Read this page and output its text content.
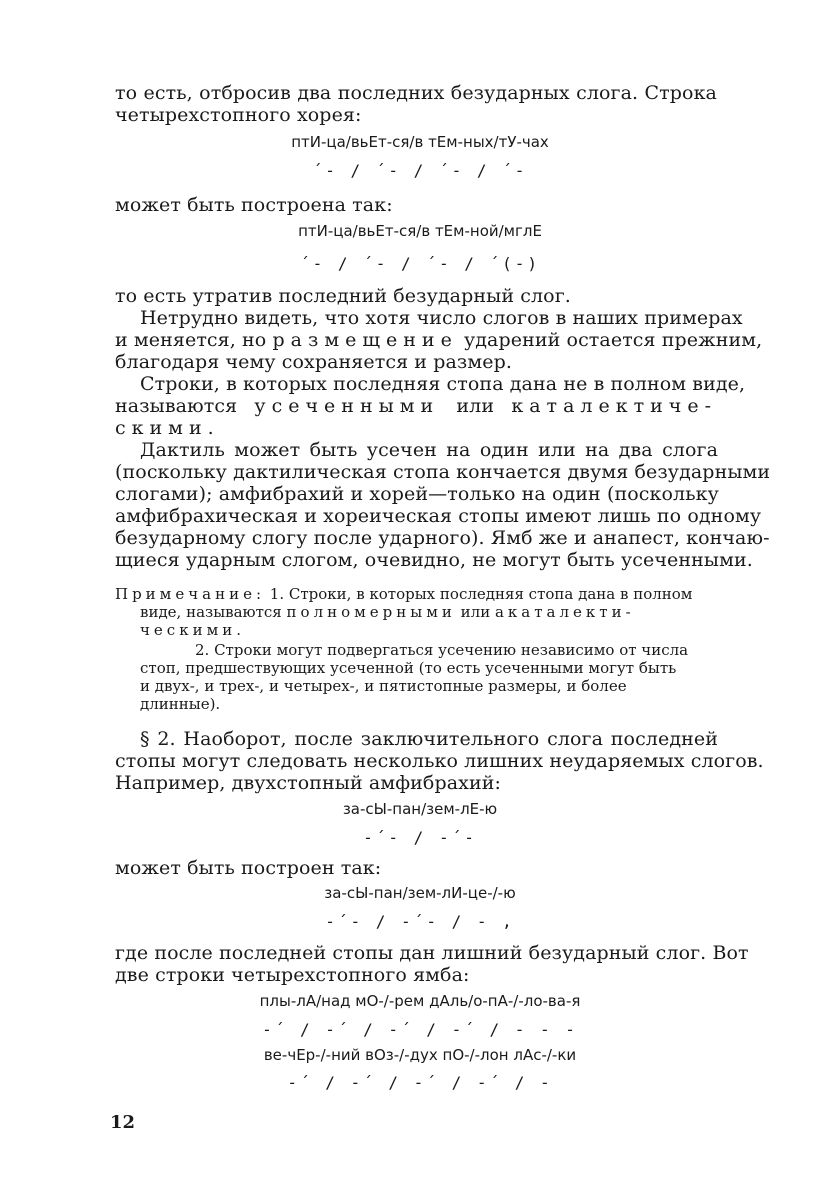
то есть, отбросив два последних безударных слога. Строка
четырехстопного хорея:
птИ-ца/вьЕт-ся/в тЕм-ных/тУ-чах
´- / ´- / ´- / ´-
может быть построена так:
птИ-ца/вьЕт-ся/в тЕм-ной/мглЕ
´- / ´- / ´- / ´(-)
то есть утратив последний безударный слог.
Нетрудно видеть, что хотя число слогов в наших примерах
и меняется, но размещение ударений остается прежним,
благодаря чему сохраняется и размер.
Строки, в которых последняя стопа дана не в полном виде,
называются усеченными или каталектиче-
скими.
Дактиль может быть усечен на один или на два слога
(поскольку дактилическая стопа кончается двумя безударными
слогами); амфибрахий и хорей—только на один (поскольку
амфибрахическая и хореическая стопы имеют лишь по одному
безударному слогу после ударного). Ямб же и анапест, кончаю-
щиеся ударным слогом, очевидно, не могут быть усеченными.
Примечание: 1. Строки, в которых последняя стопа дана в полном
виде, называются полномерными или акаталекти-
ческими.
2. Строки могут подвергаться усечению независимо от числа
стоп, предшествующих усеченной (то есть усеченными могут быть
и двух-, и трех-, и четырех-, и пятистопные размеры, и более
длинные).
§ 2. Наоборот, после заключительного слога последней
стопы могут следовать несколько лишних неударяемых слогов.
Например, двухстопный амфибрахий:
за-сЫ-пан/зем-лЕ-ю
-´- / -´-
может быть построен так:
за-сЫ-пан/зем-лИ-це-/-ю
-´- / -´- / - ,
где после последней стопы дан лишний безударный слог. Вот
две строки четырехстопного ямба:
плы-лА/над мО-/-рем дАль/о-пА-/-ло-ва-я
-´ / -´ / -´ / -´ / - - -
ве-чЕр-/-ний вОз-/-дух пО-/-лон лАс-/-ки
-´ / -´ / -´ / -´ / -
12
